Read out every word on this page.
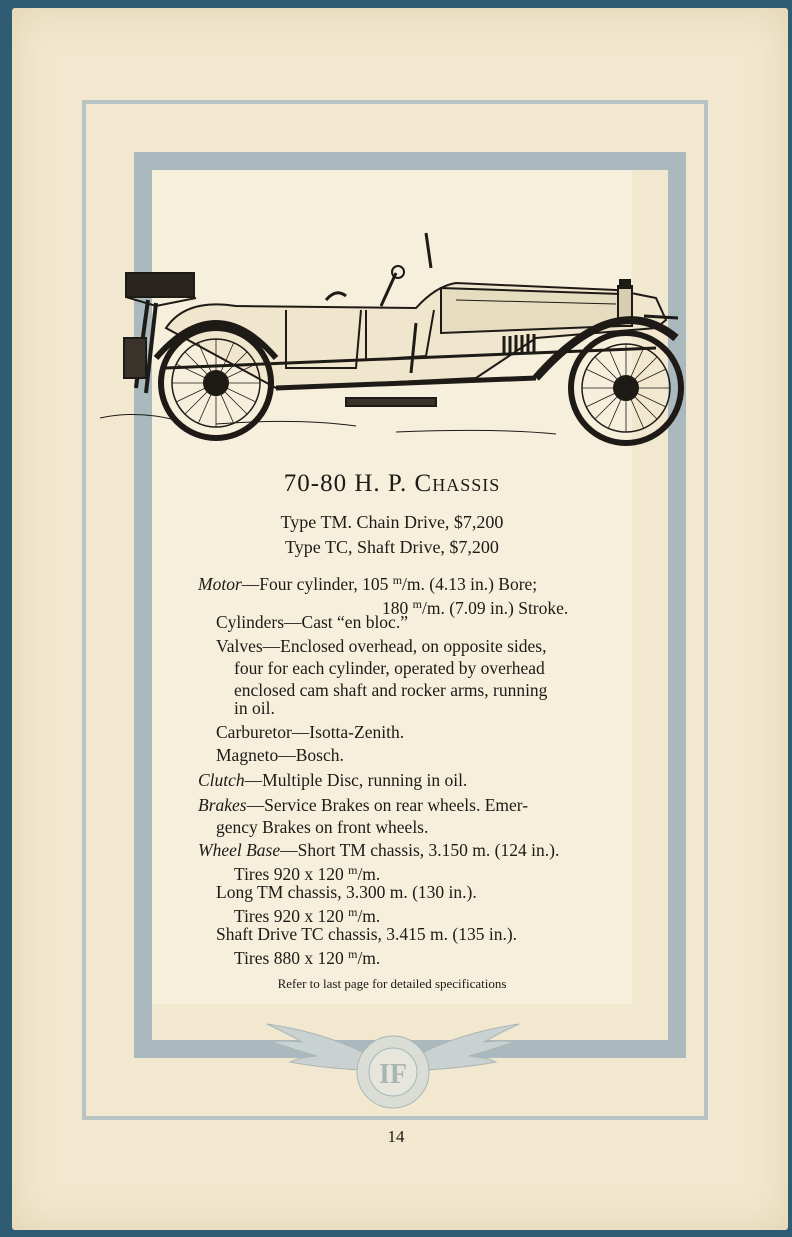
70-80 H. P. Chassis
Type TM. Chain Drive, $7,200
Type TC, Shaft Drive, $7,200
Motor—Four cylinder, 105 $^m$/m. (4.13 in.) Bore;
180 $^m$/m. (7.09 in.) Stroke.
Cylinders—Cast “en bloc.”
Valves—Enclosed overhead, on opposite sides,
four for each cylinder, operated by overhead
enclosed cam shaft and rocker arms, running
in oil.
Carburetor—Isotta-Zenith.
Magneto—Bosch.
Clutch—Multiple Disc, running in oil.
Brakes—Service Brakes on rear wheels. Emer-
gency Brakes on front wheels.
Wheel Base—Short TM chassis, 3.150 m. (124 in.).
Tires 920 x 120 $^m$/m.
Long TM chassis, 3.300 m. (130 in.).
Tires 920 x 120 $^m$/m.
Shaft Drive TC chassis, 3.415 m. (135 in.).
Tires 880 x 120 $^m$/m.
Refer to last page for detailed specifications
IF
14
